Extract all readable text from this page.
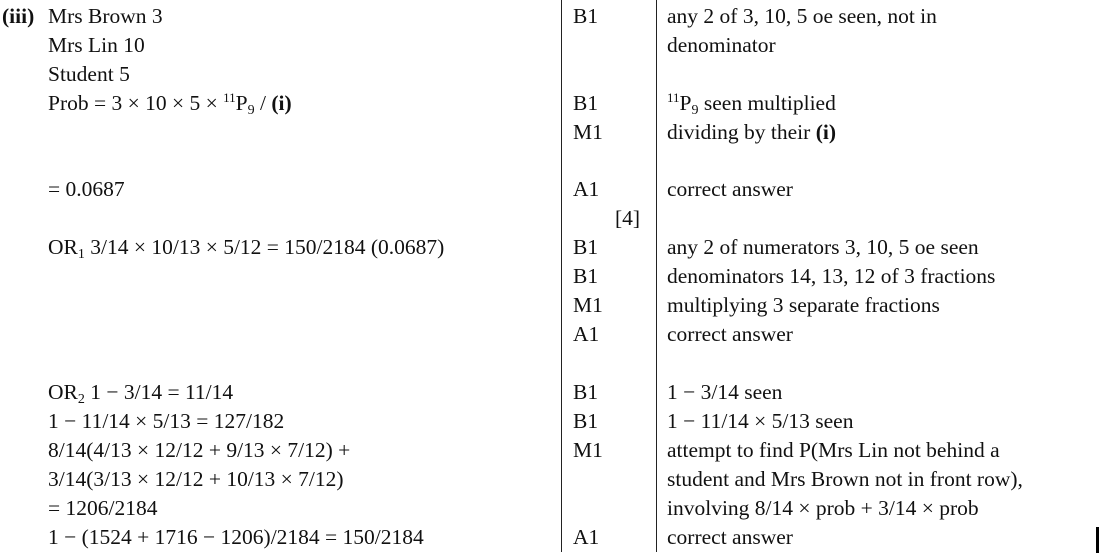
(iii) Mrs Brown 3
Mrs Lin 10
Student 5
Prob = $3 \times 10 \times 5 \times ^{11}P_9 / (i)$
= 0.0687
$OR_1$ 3/14 × 10/13 × 5/12 = 150/2184 (0.0687)
$OR_2$ 1 − 3/14 = 11/14
1 − 11/14 × 5/13 = 127/182
8/14(4/13 × 12/12 + 9/13 × 7/12) +
3/14(3/13 × 12/12 + 10/13 × 7/12)
= 1206/2184
1 − (1524 + 1716 − 1206)/2184 = 150/2184
B1
B1
M1
A1
[4]
B1
B1
M1
A1
B1
B1
M1
A1
any 2 of 3, 10, 5 oe seen, not in
denominator
$^{11}P_9$ seen multiplied
dividing by their (i)
correct answer
any 2 of numerators 3, 10, 5 oe seen
denominators 14, 13, 12 of 3 fractions
multiplying 3 separate fractions
correct answer
1 − 3/14 seen
1 − 11/14 × 5/13 seen
attempt to find P(Mrs Lin not behind a
student and Mrs Brown not in front row),
involving 8/14 × prob + 3/14 × prob
correct answer
